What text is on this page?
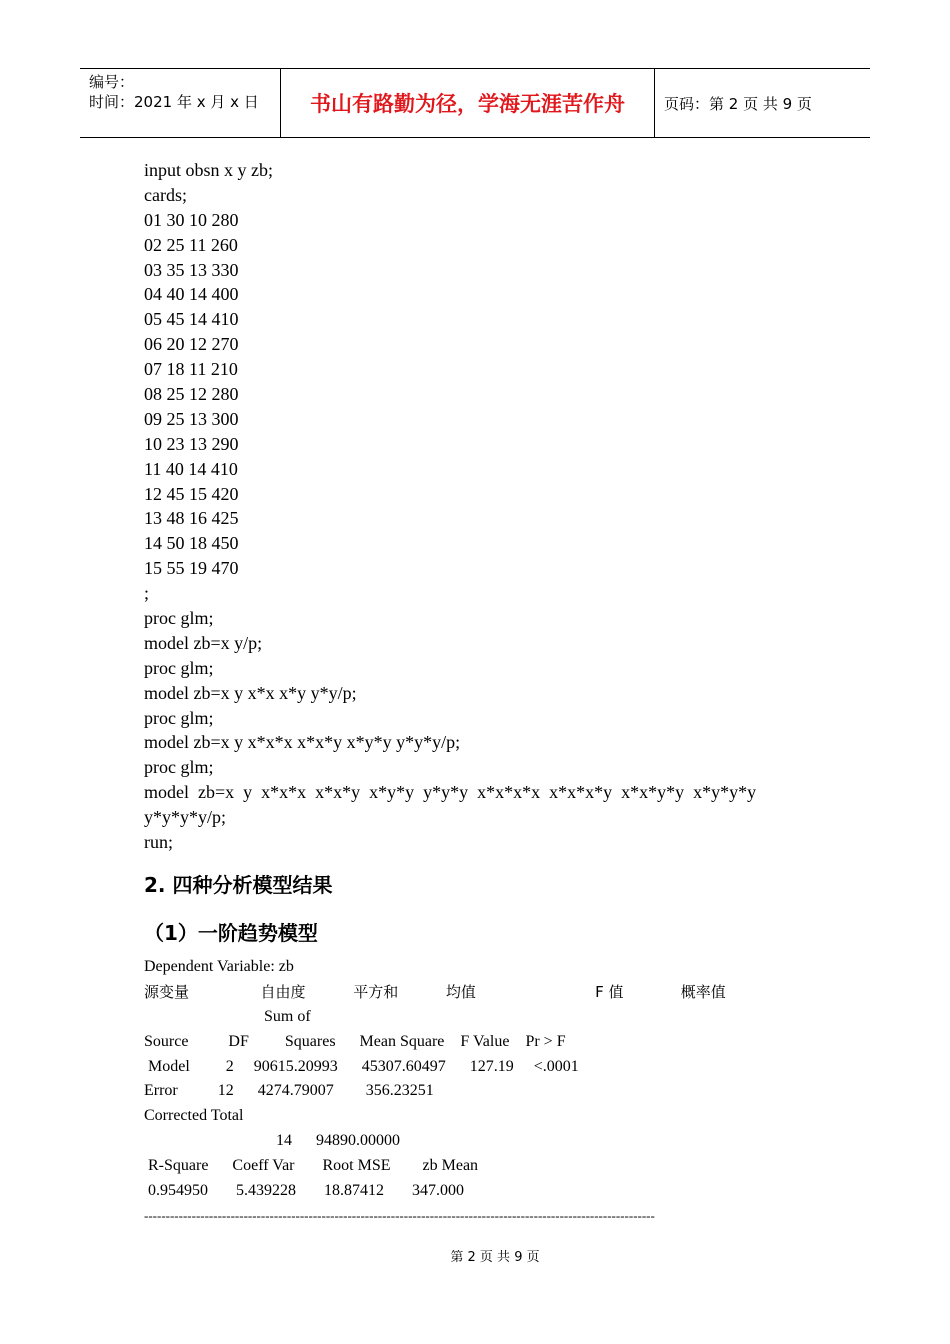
编号：
时间：2021 年 x 月 x 日	书山有路勤为径，学海无涯苦作舟	页码：第 2 页 共 9 页
input obsn x y zb;
cards;
01 30 10 280
02 25 11 260
03 35 13 330
04 40 14 400
05 45 14 410
06 20 12 270
07 18 11 210
08 25 12 280
09 25 13 300
10 23 13 290
11 40 14 410
12 45 15 420
13 48 16 425
14 50 18 450
15 55 19 470
;
proc glm;
model zb=x y/p;
proc glm;
model zb=x y x*x x*y y*y/p;
proc glm;
model zb=x y x*x*x x*x*y x*y*y y*y*y/p;
proc glm;
model  zb=x  y  x*x*x  x*x*y  x*y*y  y*y*y  x*x*x*x  x*x*x*y  x*x*y*y  x*y*y*y
y*y*y*y/p;
run;
2. 四种分析模型结果
（1）一阶趋势模型
Dependent Variable: zb
源变量               自由度          平方和          均值                         F 值            概率值
Sum of
Source          DF         Squares      Mean Square    F Value    Pr > F
Model         2     90615.20993      45307.60497      127.19     <.0001
Error          12      4274.79007        356.23251
Corrected Total
14      94890.00000
R-Square      Coeff Var       Root MSE        zb Mean
0.954950       5.439228       18.87412       347.000
----------------------------------------------------------------------------------------------------------------------
第 2 页 共 9 页
